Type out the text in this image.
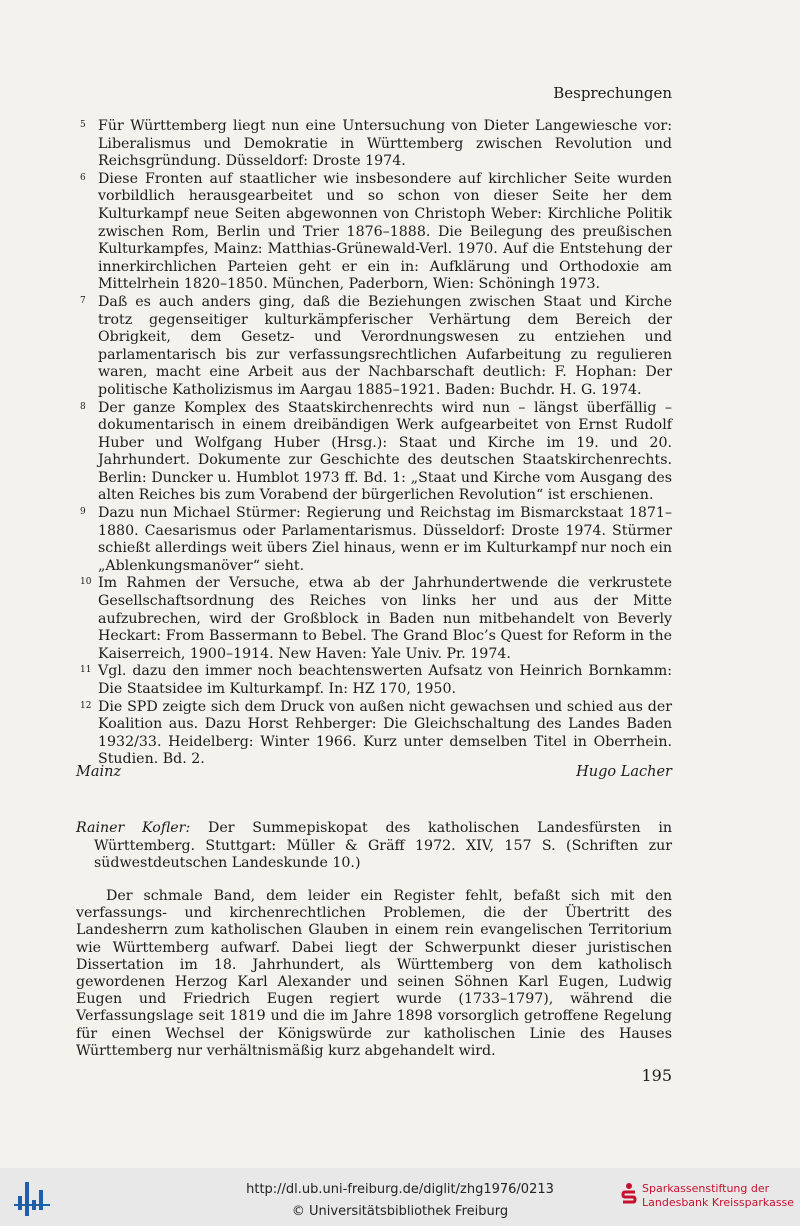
Besprechungen
5 Für Württemberg liegt nun eine Untersuchung von Dieter Langewiesche vor: Liberalismus und Demokratie in Württemberg zwischen Revolution und Reichsgründung. Düsseldorf: Droste 1974.
6 Diese Fronten auf staatlicher wie insbesondere auf kirchlicher Seite wurden vorbildlich herausgearbeitet und so schon von dieser Seite her dem Kulturkampf neue Seiten abgewonnen von Christoph Weber: Kirchliche Politik zwischen Rom, Berlin und Trier 1876–1888. Die Beilegung des preußischen Kulturkampfes, Mainz: Matthias-Grünewald-Verl. 1970. Auf die Entstehung der innerkirchlichen Parteien geht er ein in: Aufklärung und Orthodoxie am Mittelrhein 1820–1850. München, Paderborn, Wien: Schöningh 1973.
7 Daß es auch anders ging, daß die Beziehungen zwischen Staat und Kirche trotz gegenseitiger kulturkämpferischer Verhärtung dem Bereich der Obrigkeit, dem Gesetz- und Verordnungswesen zu entziehen und parlamentarisch bis zur verfassungsrechtlichen Aufarbeitung zu regulieren waren, macht eine Arbeit aus der Nachbarschaft deutlich: F. Hophan: Der politische Katholizismus im Aargau 1885–1921. Baden: Buchdr. H. G. 1974.
8 Der ganze Komplex des Staatskirchenrechts wird nun – längst überfällig – dokumentarisch in einem dreibändigen Werk aufgearbeitet von Ernst Rudolf Huber und Wolfgang Huber (Hrsg.): Staat und Kirche im 19. und 20. Jahrhundert. Dokumente zur Geschichte des deutschen Staatskirchenrechts. Berlin: Duncker u. Humblot 1973 ff. Bd. 1: „Staat und Kirche vom Ausgang des alten Reiches bis zum Vorabend der bürgerlichen Revolution“ ist erschienen.
9 Dazu nun Michael Stürmer: Regierung und Reichstag im Bismarckstaat 1871–1880. Caesarismus oder Parlamentarismus. Düsseldorf: Droste 1974. Stürmer schießt allerdings weit übers Ziel hinaus, wenn er im Kulturkampf nur noch ein „Ablenkungsmanöver“ sieht.
10 Im Rahmen der Versuche, etwa ab der Jahrhundertwende die verkrustete Gesellschaftsordnung des Reiches von links her und aus der Mitte aufzubrechen, wird der Großblock in Baden nun mitbehandelt von Beverly Heckart: From Bassermann to Bebel. The Grand Bloc’s Quest for Reform in the Kaiserreich, 1900–1914. New Haven: Yale Univ. Pr. 1974.
11 Vgl. dazu den immer noch beachtenswerten Aufsatz von Heinrich Bornkamm: Die Staatsidee im Kulturkampf. In: HZ 170, 1950.
12 Die SPD zeigte sich dem Druck von außen nicht gewachsen und schied aus der Koalition aus. Dazu Horst Rehberger: Die Gleichschaltung des Landes Baden 1932/33. Heidelberg: Winter 1966. Kurz unter demselben Titel in Oberrhein. Studien. Bd. 2.
Mainz	Hugo Lacher
Rainer Kofler: Der Summepiskopat des katholischen Landesfürsten in Württemberg. Stuttgart: Müller & Gräff 1972. XIV, 157 S. (Schriften zur südwestdeutschen Landeskunde 10.)
Der schmale Band, dem leider ein Register fehlt, befaßt sich mit den verfassungs- und kirchenrechtlichen Problemen, die der Übertritt des Landesherrn zum katholischen Glauben in einem rein evangelischen Territorium wie Württemberg aufwarf. Dabei liegt der Schwerpunkt dieser juristischen Dissertation im 18. Jahrhundert, als Württemberg von dem katholisch gewordenen Herzog Karl Alexander und seinen Söhnen Karl Eugen, Ludwig Eugen und Friedrich Eugen regiert wurde (1733–1797), während die Verfassungslage seit 1819 und die im Jahre 1898 vorsorglich getroffene Regelung für einen Wechsel der Königswürde zur katholischen Linie des Hauses Württemberg nur verhältnismäßig kurz abgehandelt wird.
195
http://dl.ub.uni-freiburg.de/diglit/zhg1976/0213
© Universitätsbibliothek Freiburg
Sparkassenstiftung der
Landesbank Kreissparkasse
